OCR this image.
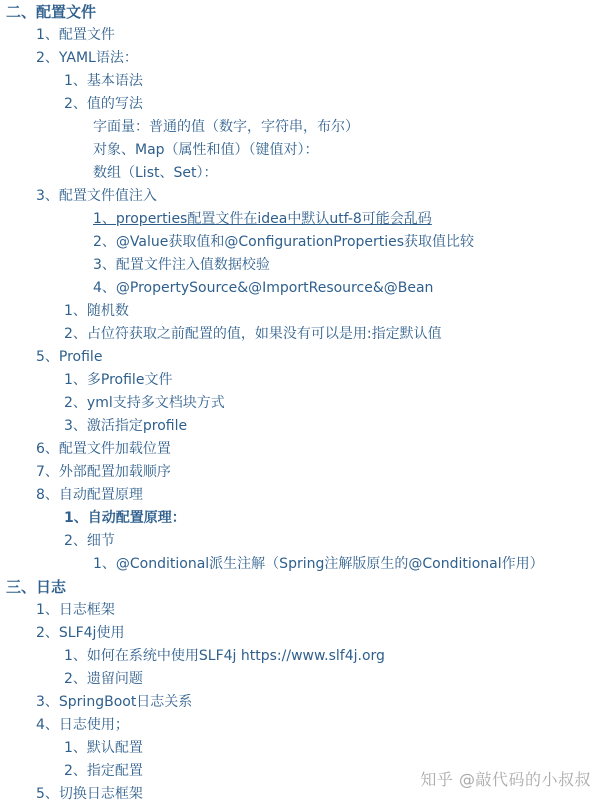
二、配置文件
1、配置文件
2、YAML语法：
1、基本语法
2、值的写法
字面量：普通的值（数字，字符串，布尔）
对象、Map（属性和值）（键值对）：
数组（List、Set）：
3、配置文件值注入
1、properties配置文件在idea中默认utf-8可能会乱码
2、@Value获取值和@ConfigurationProperties获取值比较
3、配置文件注入值数据校验
4、@PropertySource&@ImportResource&@Bean
1、随机数
2、占位符获取之前配置的值，如果没有可以是用:指定默认值
5、Profile
1、多Profile文件
2、yml支持多文档块方式
3、激活指定profile
6、配置文件加载位置
7、外部配置加载顺序
8、自动配置原理
1、自动配置原理：
2、细节
1、@Conditional派生注解（Spring注解版原生的@Conditional作用）
三、日志
1、日志框架
2、SLF4j使用
1、如何在系统中使用SLF4j https://www.slf4j.org
2、遗留问题
3、SpringBoot日志关系
4、日志使用；
1、默认配置
2、指定配置
5、切换日志框架
知乎 @敲代码的小叔叔
